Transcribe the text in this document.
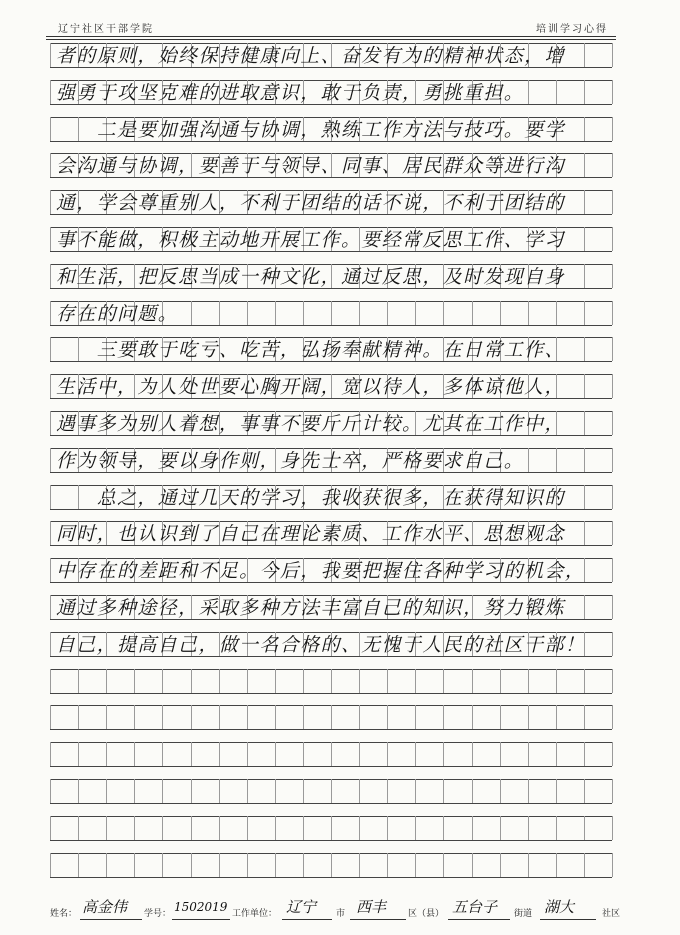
辽宁社区干部学院	培训学习心得
者的原则，始终保持健康向上、奋发有为的精神状态，增
强勇于攻坚克难的进取意识，敢于负责，勇挑重担。
　　二是要加强沟通与协调，熟练工作方法与技巧。要学
会沟通与协调，要善于与领导、同事、居民群众等进行沟
通，学会尊重别人，不利于团结的话不说，不利于团结的
事不能做，积极主动地开展工作。要经常反思工作、学习
和生活，把反思当成一种文化，通过反思，及时发现自身
存在的问题。
　　三要敢于吃亏、吃苦，弘扬奉献精神。在日常工作、
生活中，为人处世要心胸开阔，宽以待人，多体谅他人，
遇事多为别人着想，事事不要斤斤计较。尤其在工作中，
作为领导，要以身作则，身先士卒，严格要求自己。
　　总之，通过几天的学习，我收获很多，在获得知识的
同时，也认识到了自己在理论素质、工作水平、思想观念
中存在的差距和不足。今后，我要把握住各种学习的机会，
通过多种途径，采取多种方法丰富自己的知识，努力锻炼
自己，提高自己，做一名合格的、无愧于人民的社区干部！
姓名： 高金伟 学号： 1502019 工作单位： 辽宁 市 西丰 区（县） 五台子 街道 湖大	社区
